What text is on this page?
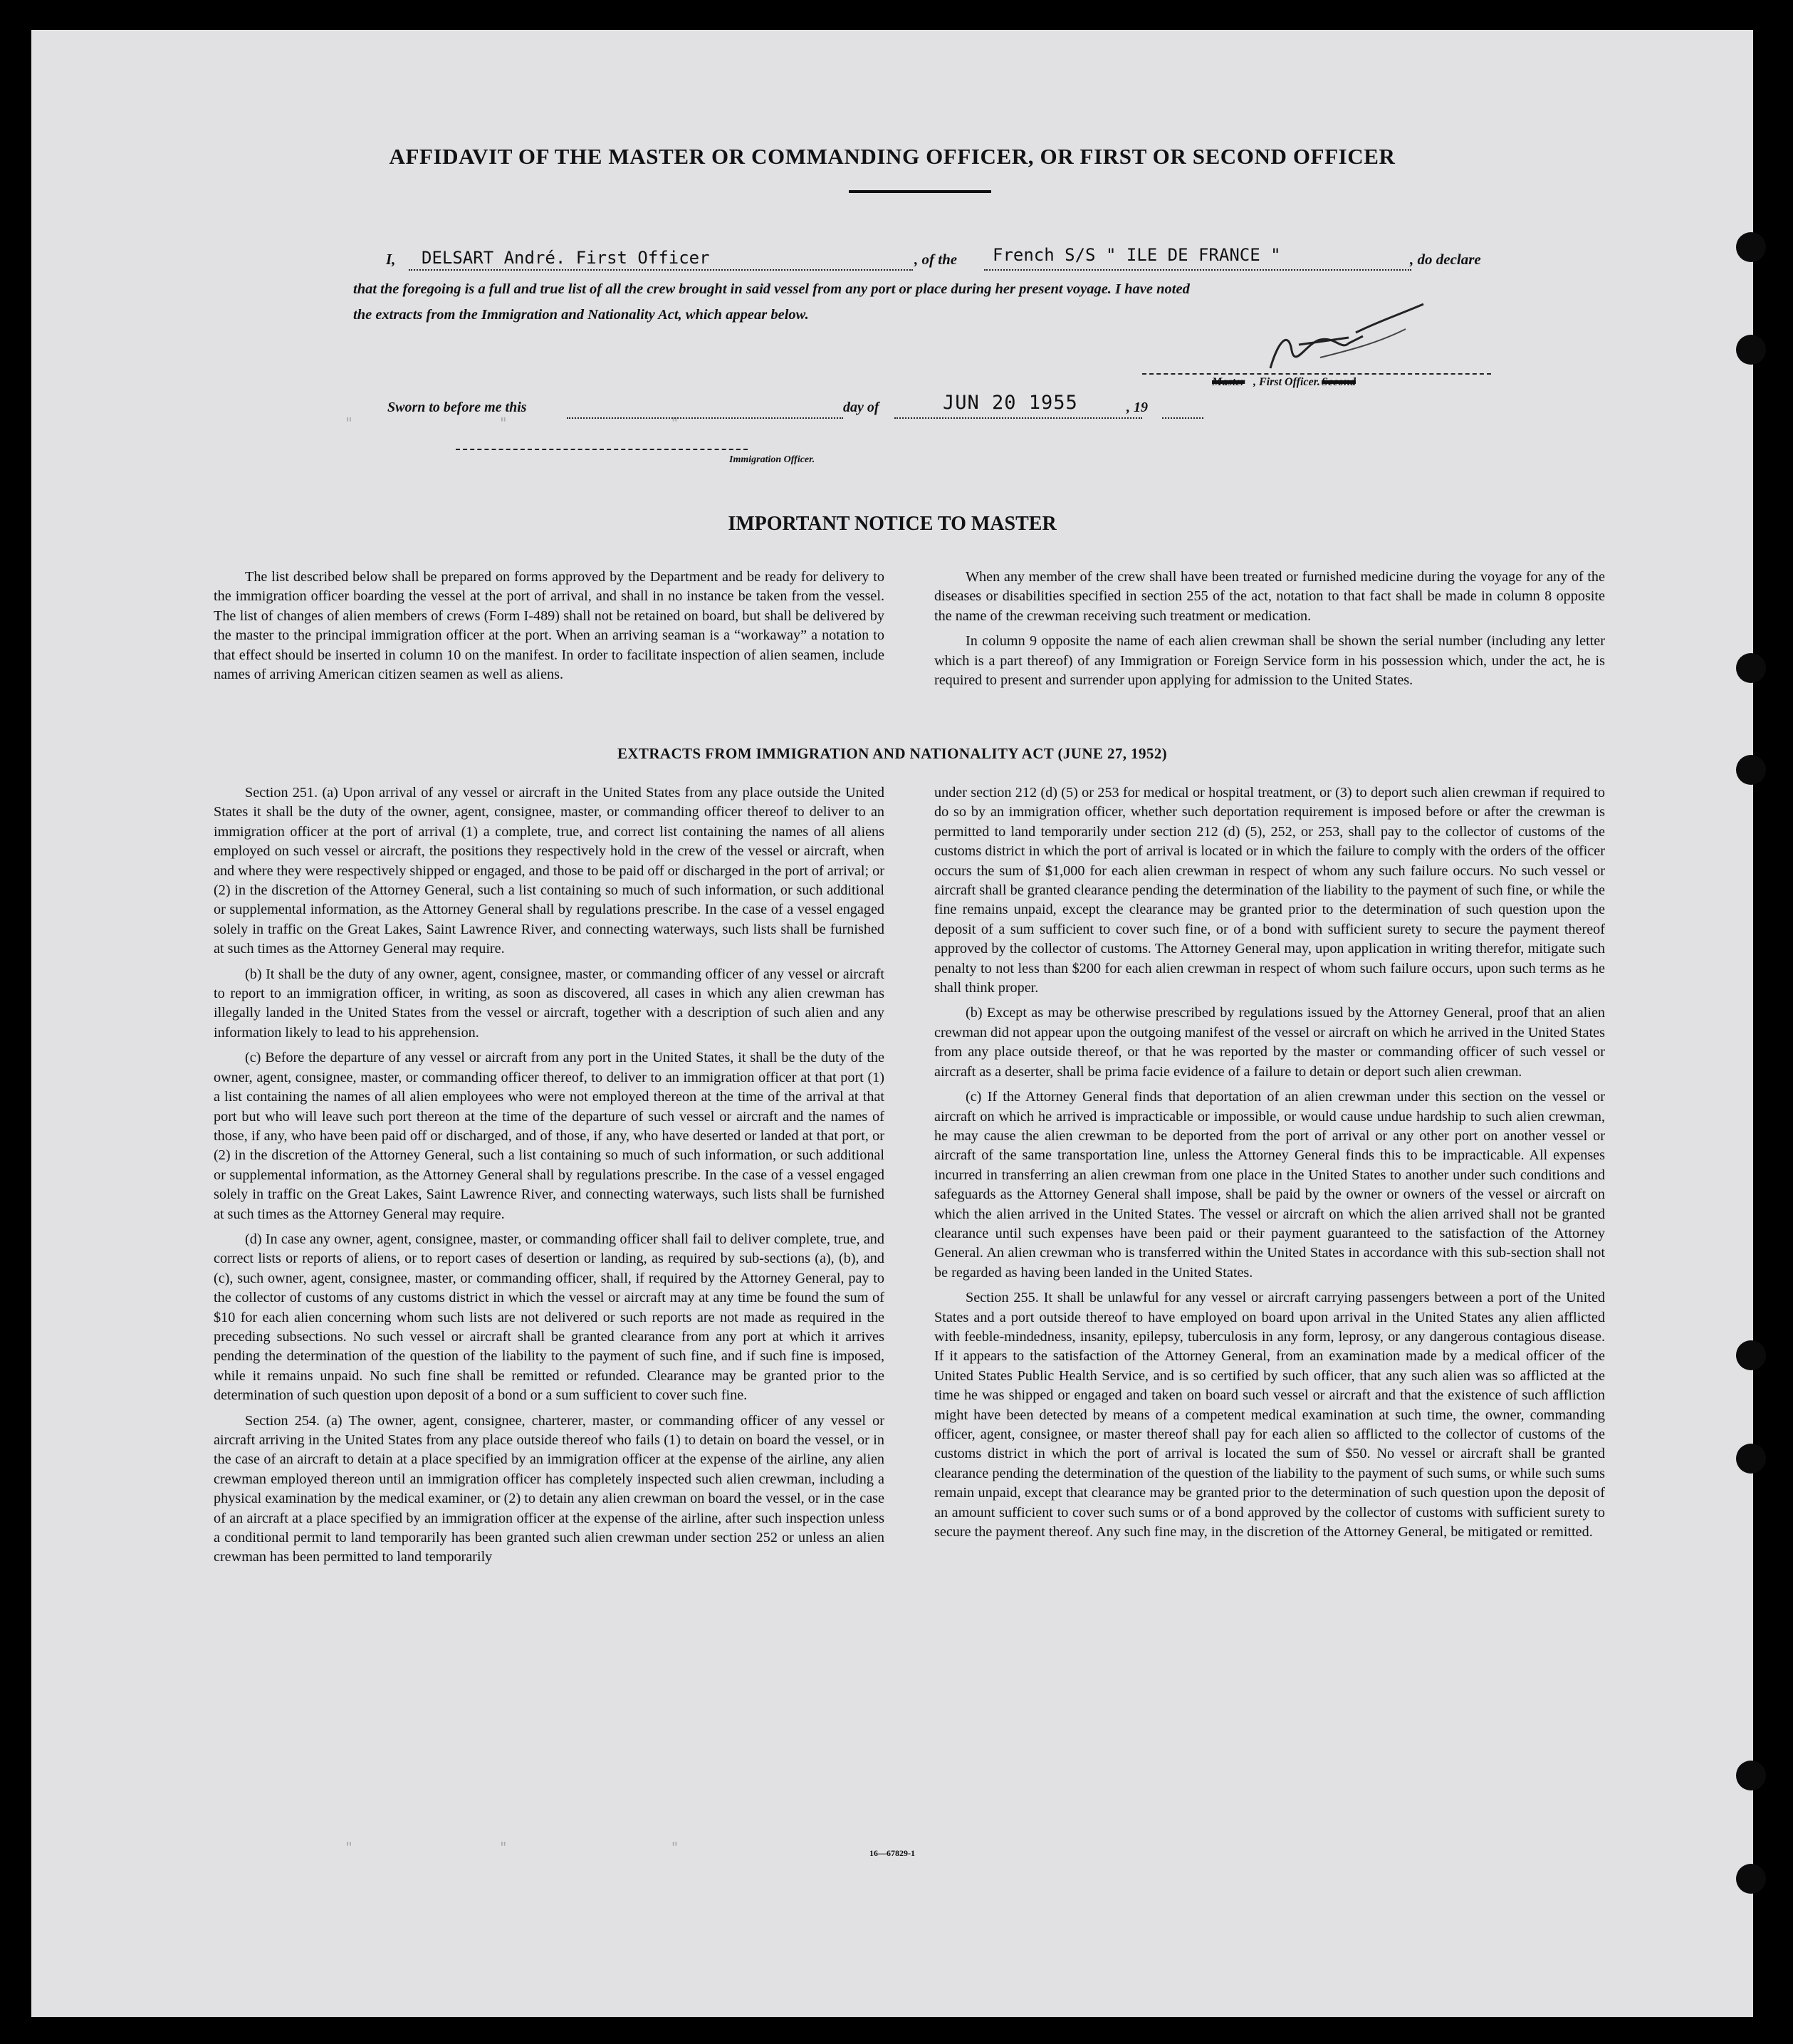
"                 "                   "
"                 "                   "
AFFIDAVIT OF THE MASTER OR COMMANDING OFFICER, OR FIRST OR SECOND OFFICER
I, DELSART André. First Officer	, of the French S/S " ILE DE FRANCE "	, do declare
that the foregoing is a full and true list of all the crew brought in said vessel from any port or place during her present voyage. I have noted
the extracts from the Immigration and Nationality Act, which appear below.
Master , First Officer. Second
Sworn to before me this	day of	JUN 20 1955	, 19
Immigration Officer.
IMPORTANT NOTICE TO MASTER

The list described below shall be prepared on forms approved by the Department and be ready for delivery to the immigration officer boarding the vessel at the port of arrival, and shall in no instance be taken from the vessel. The list of changes of alien members of crews (Form I-489) shall not be retained on board, but shall be delivered by the master to the principal immigration officer at the port. When an arriving seaman is a “workaway” a notation to that effect should be inserted in column 10 on the manifest. In order to facilitate inspection of alien seamen, include names of arriving American citizen seamen as well as aliens.

When any member of the crew shall have been treated or furnished medicine during the voyage for any of the diseases or disabilities specified in section 255 of the act, notation to that fact shall be made in column 8 opposite the name of the crewman receiving such treatment or medication.

In column 9 opposite the name of each alien crewman shall be shown the serial number (including any letter which is a part thereof) of any Immigration or Foreign Service form in his possession which, under the act, he is required to present and surrender upon applying for admission to the United States.

EXTRACTS FROM IMMIGRATION AND NATIONALITY ACT (JUNE 27, 1952)

Section 251. (a) Upon arrival of any vessel or aircraft in the United States from any place outside the United States it shall be the duty of the owner, agent, consignee, master, or commanding officer thereof to deliver to an immigration officer at the port of arrival (1) a complete, true, and correct list containing the names of all aliens employed on such vessel or aircraft, the positions they respectively hold in the crew of the vessel or aircraft, when and where they were respectively shipped or engaged, and those to be paid off or discharged in the port of arrival; or (2) in the discretion of the Attorney General, such a list containing so much of such information, or such additional or supplemental information, as the Attorney General shall by regulations prescribe. In the case of a vessel engaged solely in traffic on the Great Lakes, Saint Lawrence River, and connecting waterways, such lists shall be furnished at such times as the Attorney General may require.

(b) It shall be the duty of any owner, agent, consignee, master, or commanding officer of any vessel or aircraft to report to an immigration officer, in writing, as soon as discovered, all cases in which any alien crewman has illegally landed in the United States from the vessel or aircraft, together with a description of such alien and any information likely to lead to his apprehension.

(c) Before the departure of any vessel or aircraft from any port in the United States, it shall be the duty of the owner, agent, consignee, master, or commanding officer thereof, to deliver to an immigration officer at that port (1) a list containing the names of all alien employees who were not employed thereon at the time of the arrival at that port but who will leave such port thereon at the time of the departure of such vessel or aircraft and the names of those, if any, who have been paid off or discharged, and of those, if any, who have deserted or landed at that port, or (2) in the discretion of the Attorney General, such a list containing so much of such information, or such additional or supplemental information, as the Attorney General shall by regulations prescribe. In the case of a vessel engaged solely in traffic on the Great Lakes, Saint Lawrence River, and connecting waterways, such lists shall be furnished at such times as the Attorney General may require.

(d) In case any owner, agent, consignee, master, or commanding officer shall fail to deliver complete, true, and correct lists or reports of aliens, or to report cases of desertion or landing, as required by sub-sections (a), (b), and (c), such owner, agent, consignee, master, or commanding officer, shall, if required by the Attorney General, pay to the collector of customs of any customs district in which the vessel or aircraft may at any time be found the sum of $10 for each alien concerning whom such lists are not delivered or such reports are not made as required in the preceding subsections. No such vessel or aircraft shall be granted clearance from any port at which it arrives pending the determination of the question of the liability to the payment of such fine, and if such fine is imposed, while it remains unpaid. No such fine shall be remitted or refunded. Clearance may be granted prior to the determination of such question upon deposit of a bond or a sum sufficient to cover such fine.

Section 254. (a) The owner, agent, consignee, charterer, master, or commanding officer of any vessel or aircraft arriving in the United States from any place outside thereof who fails (1) to detain on board the vessel, or in the case of an aircraft to detain at a place specified by an immigration officer at the expense of the airline, any alien crewman employed thereon until an immigration officer has completely inspected such alien crewman, including a physical examination by the medical examiner, or (2) to detain any alien crewman on board the vessel, or in the case of an aircraft at a place specified by an immigration officer at the expense of the airline, after such inspection unless a conditional permit to land temporarily has been granted such alien crewman under section 252 or unless an alien crewman has been permitted to land temporarily

under section 212 (d) (5) or 253 for medical or hospital treatment, or (3) to deport such alien crewman if required to do so by an immigration officer, whether such deportation requirement is imposed before or after the crewman is permitted to land temporarily under section 212 (d) (5), 252, or 253, shall pay to the collector of customs of the customs district in which the port of arrival is located or in which the failure to comply with the orders of the officer occurs the sum of $1,000 for each alien crewman in respect of whom any such failure occurs. No such vessel or aircraft shall be granted clearance pending the determination of the liability to the payment of such fine, or while the fine remains unpaid, except the clearance may be granted prior to the determination of such question upon the deposit of a sum sufficient to cover such fine, or of a bond with sufficient surety to secure the payment thereof approved by the collector of customs. The Attorney General may, upon application in writing therefor, mitigate such penalty to not less than $200 for each alien crewman in respect of whom such failure occurs, upon such terms as he shall think proper.

(b) Except as may be otherwise prescribed by regulations issued by the Attorney General, proof that an alien crewman did not appear upon the outgoing manifest of the vessel or aircraft on which he arrived in the United States from any place outside thereof, or that he was reported by the master or commanding officer of such vessel or aircraft as a deserter, shall be prima facie evidence of a failure to detain or deport such alien crewman.

(c) If the Attorney General finds that deportation of an alien crewman under this section on the vessel or aircraft on which he arrived is impracticable or impossible, or would cause undue hardship to such alien crewman, he may cause the alien crewman to be deported from the port of arrival or any other port on another vessel or aircraft of the same transportation line, unless the Attorney General finds this to be impracticable. All expenses incurred in transferring an alien crewman from one place in the United States to another under such conditions and safeguards as the Attorney General shall impose, shall be paid by the owner or owners of the vessel or aircraft on which the alien arrived in the United States. The vessel or aircraft on which the alien arrived shall not be granted clearance until such expenses have been paid or their payment guaranteed to the satisfaction of the Attorney General. An alien crewman who is transferred within the United States in accordance with this sub-section shall not be regarded as having been landed in the United States.

Section 255. It shall be unlawful for any vessel or aircraft carrying passengers between a port of the United States and a port outside thereof to have employed on board upon arrival in the United States any alien afflicted with feeble-mindedness, insanity, epilepsy, tuberculosis in any form, leprosy, or any dangerous contagious disease. If it appears to the satisfaction of the Attorney General, from an examination made by a medical officer of the United States Public Health Service, and is so certified by such officer, that any such alien was so afflicted at the time he was shipped or engaged and taken on board such vessel or aircraft and that the existence of such affliction might have been detected by means of a competent medical examination at such time, the owner, commanding officer, agent, consignee, or master thereof shall pay for each alien so afflicted to the collector of customs of the customs district in which the port of arrival is located the sum of $50. No vessel or aircraft shall be granted clearance pending the determination of the question of the liability to the payment of such sums, or while such sums remain unpaid, except that clearance may be granted prior to the determination of such question upon the deposit of an amount sufficient to cover such sums or of a bond approved by the collector of customs with sufficient surety to secure the payment thereof. Any such fine may, in the discretion of the Attorney General, be mitigated or remitted.

16—67829-1
